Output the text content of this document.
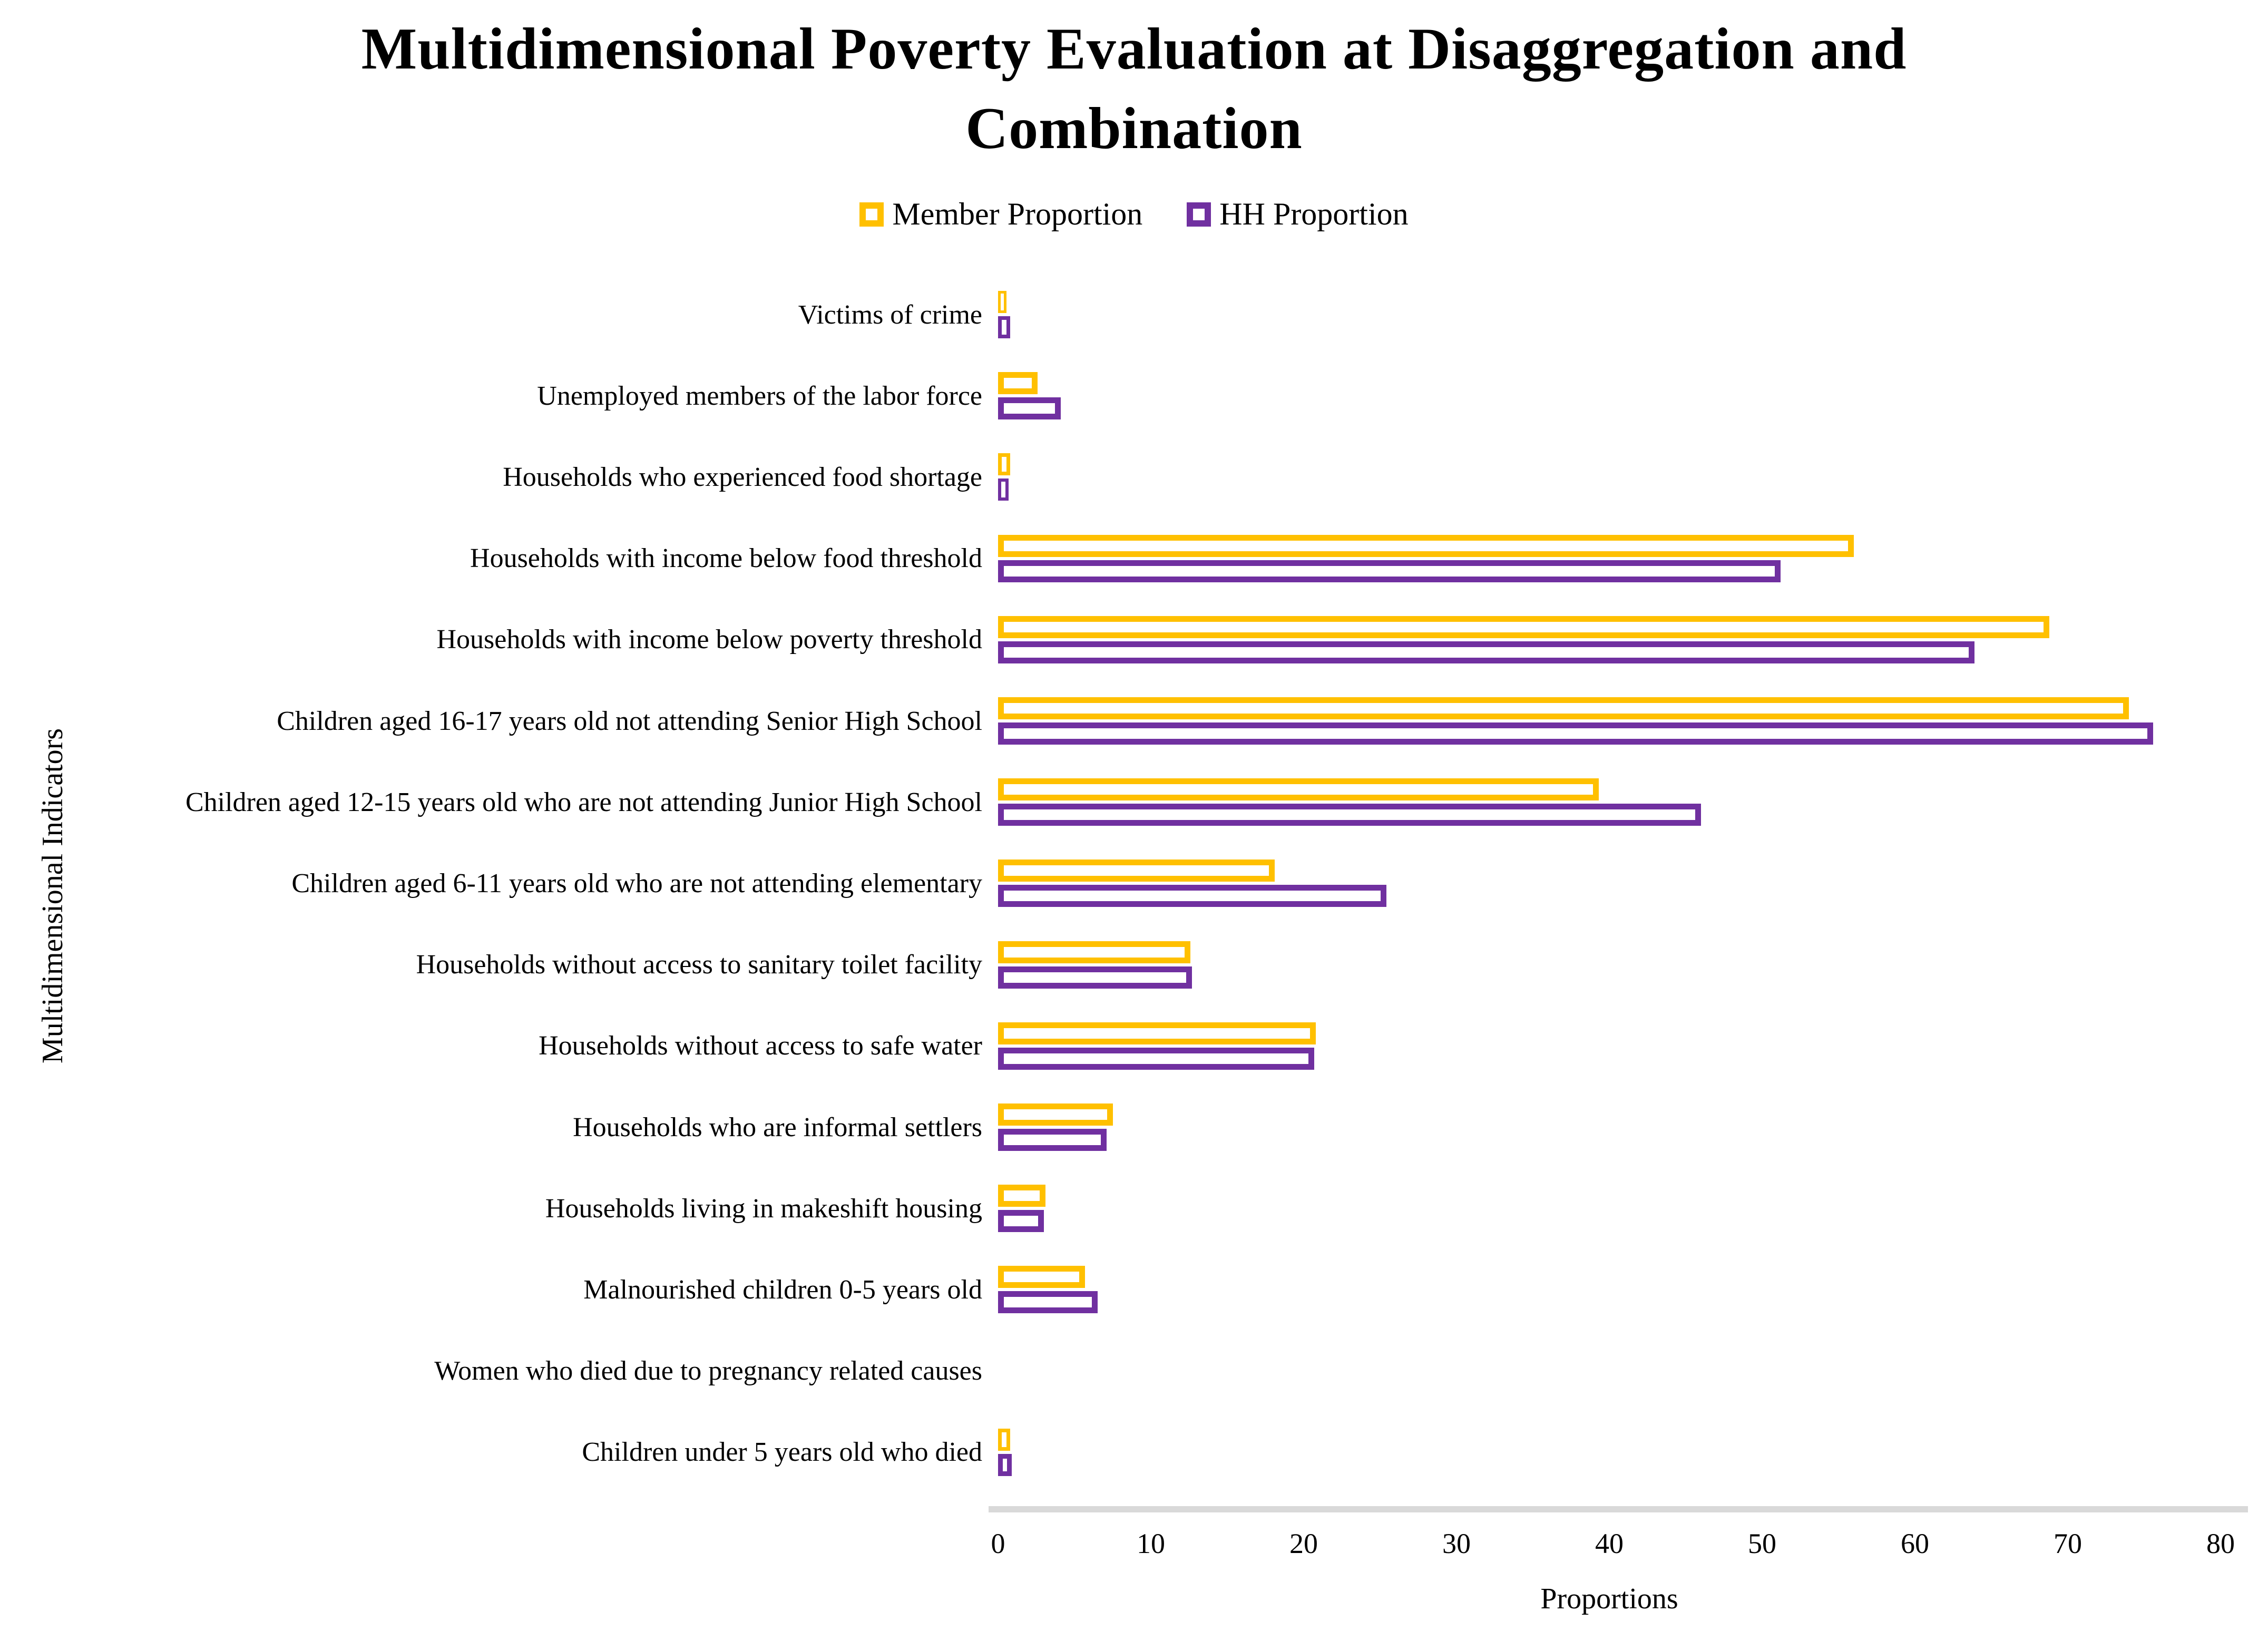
Multidimensional Poverty Evaluation at Disaggregation and Combination
Member Proportion HH Proportion
Multidimensional Indicators
Victims of crime
Unemployed members of the labor force
Households who experienced food shortage
Households with income below food threshold
Households with income below poverty threshold
Children aged 16-17 years old not attending Senior High School
Children aged 12-15 years old who are not attending Junior High School
Children aged 6-11 years old who are not attending elementary
Households without access to sanitary toilet facility
Households without access to safe water
Households who are informal settlers
Households living in makeshift housing
Malnourished children 0-5 years old
Women who died due to pregnancy related causes
Children under 5 years old who died
0	10	20	30	40	50	60	70	80
Proportions
